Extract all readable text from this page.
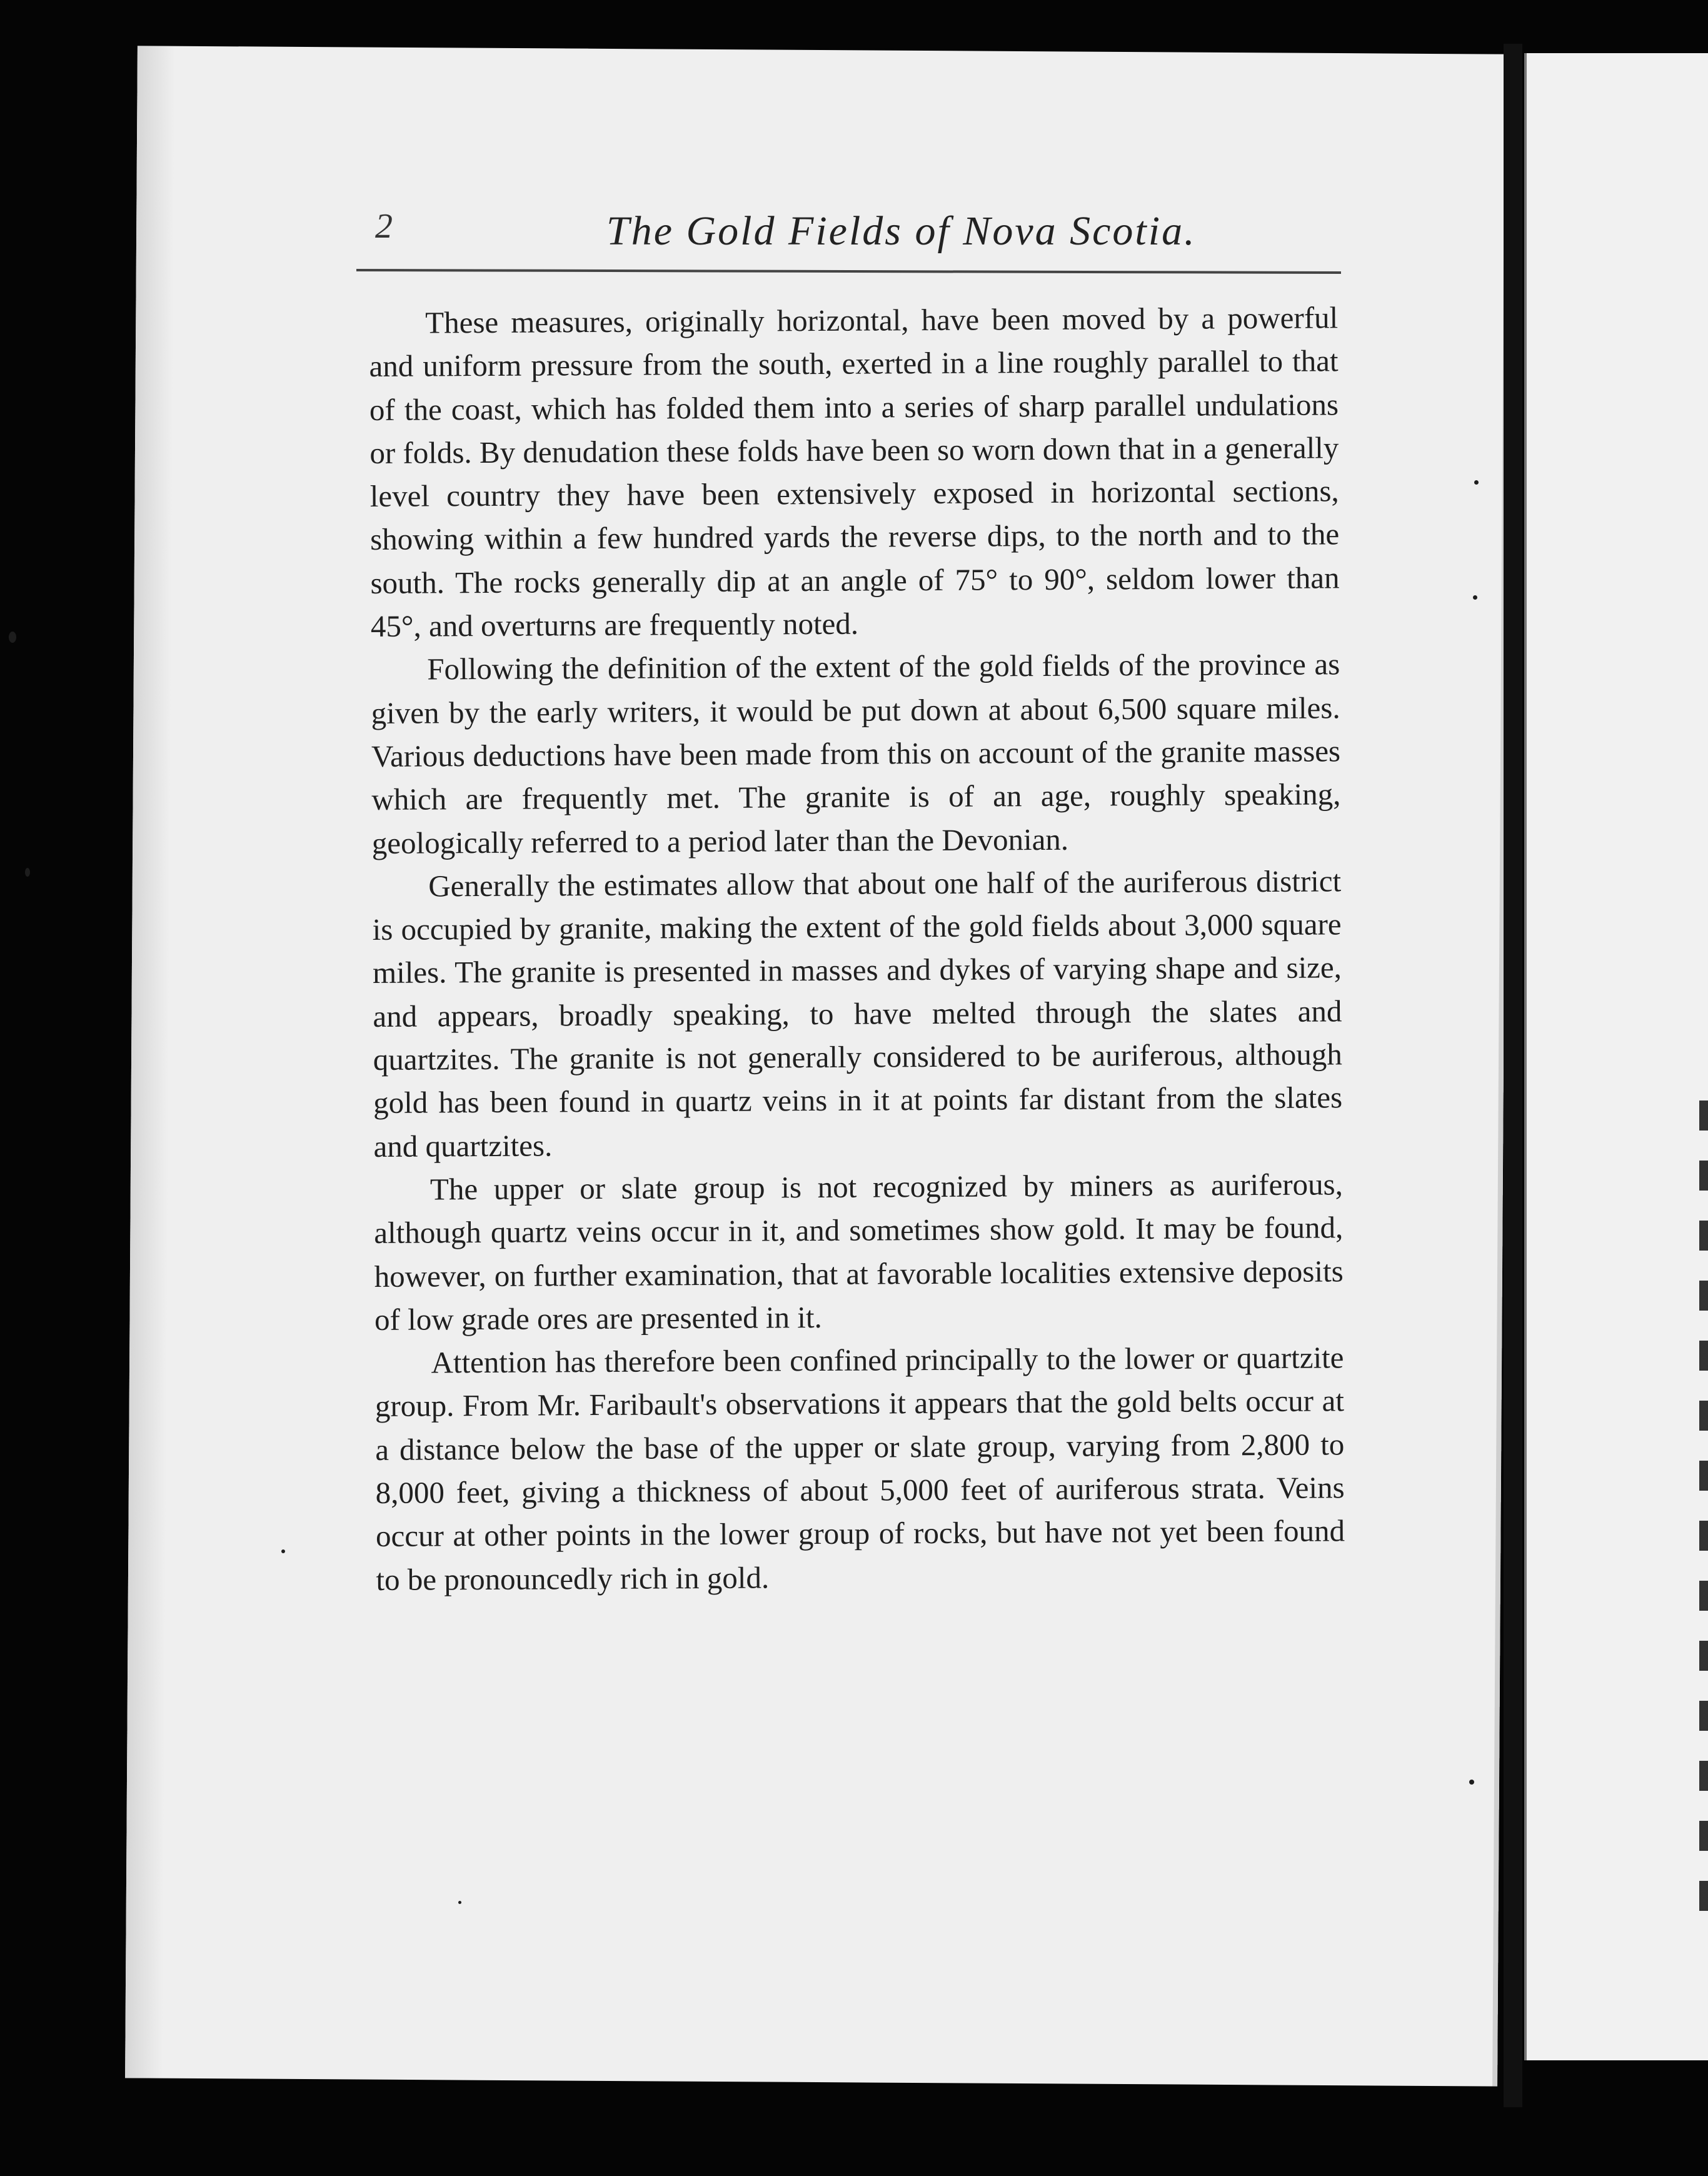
2	The Gold Fields of Nova Scotia.

These measures, originally horizontal, have been moved by a powerful and uniform pressure from the south, exerted in a line roughly parallel to that of the coast, which has folded them into a series of sharp parallel undulations or folds. By denudation these folds have been so worn down that in a generally level country they have been extensively exposed in horizontal sections, showing within a few hundred yards the reverse dips, to the north and to the south. The rocks generally dip at an angle of 75° to 90°, seldom lower than 45°, and overturns are frequently noted.

Following the definition of the extent of the gold fields of the province as given by the early writers, it would be put down at about 6,500 square miles. Various deductions have been made from this on account of the granite masses which are frequently met. The granite is of an age, roughly speaking, geologically referred to a period later than the Devonian.

Generally the estimates allow that about one half of the auriferous district is occupied by granite, making the extent of the gold fields about 3,000 square miles. The granite is presented in masses and dykes of varying shape and size, and appears, broadly speaking, to have melted through the slates and quartzites. The granite is not generally considered to be auriferous, although gold has been found in quartz veins in it at points far distant from the slates and quartzites.

The upper or slate group is not recognized by miners as auriferous, although quartz veins occur in it, and sometimes show gold. It may be found, however, on further examination, that at favorable localities extensive deposits of low grade ores are presented in it.

Attention has therefore been confined principally to the lower or quartzite group. From Mr. Faribault's observations it appears that the gold belts occur at a distance below the base of the upper or slate group, varying from 2,800 to 8,000 feet, giving a thickness of about 5,000 feet of auriferous strata. Veins occur at other points in the lower group of rocks, but have not yet been found to be pronouncedly rich in gold.
